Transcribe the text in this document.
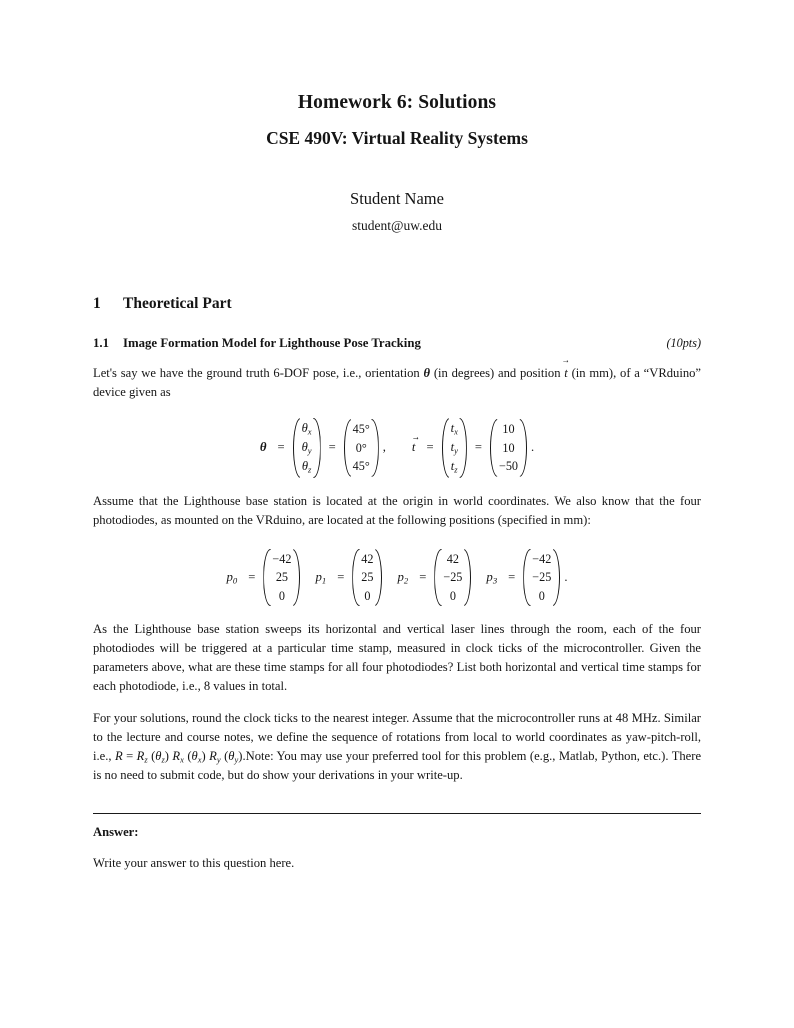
Homework 6: Solutions
CSE 490V: Virtual Reality Systems

Student Name

student@uw.edu

1	Theoretical Part
1.1	Image Formation Model for Lighthouse Pose Tracking	(10pts)

Let's say we have the ground truth 6-DOF pose, i.e., orientation θ (in degrees) and position → t (in mm), of a “VRduino” device given as

θ =
$\theta_x$
$\theta_y$
$\theta_z$
=
45°
0°
45°
,	→ t =
$t_x$
$t_y$
$t_z$
=
10
10
−50
.

Assume that the Lighthouse base station is located at the origin in world coordinates. We also know that the four photodiodes, as mounted on the VRduino, are located at the following positions (specified in mm):

$p_0$ =
−42
25
0
$p_1$ =
42
25
0
$p_2$ =
42
−25
0
$p_3$ =
−42
−25
0
.

As the Lighthouse base station sweeps its horizontal and vertical laser lines through the room, each of the four photodiodes will be triggered at a particular time stamp, measured in clock ticks of the microcontroller. Given the parameters above, what are these time stamps for all four photodiodes? List both horizontal and vertical time stamps for each photodiode, i.e., 8 values in total.

For your solutions, round the clock ticks to the nearest integer. Assume that the microcontroller runs at 48 MHz. Similar to the lecture and course notes, we define the sequence of rotations from local to world coordinates as yaw-pitch-roll, i.e., $R = R_z$ $(\theta_z)$ $R_x$ $(\theta_x)$ $R_y$ $(\theta_y).Note$: You may use your preferred tool for this problem (e.g., Matlab, Python, etc.). There is no need to submit code, but do show your derivations in your write-up.

Answer:

Write your answer to this question here.
